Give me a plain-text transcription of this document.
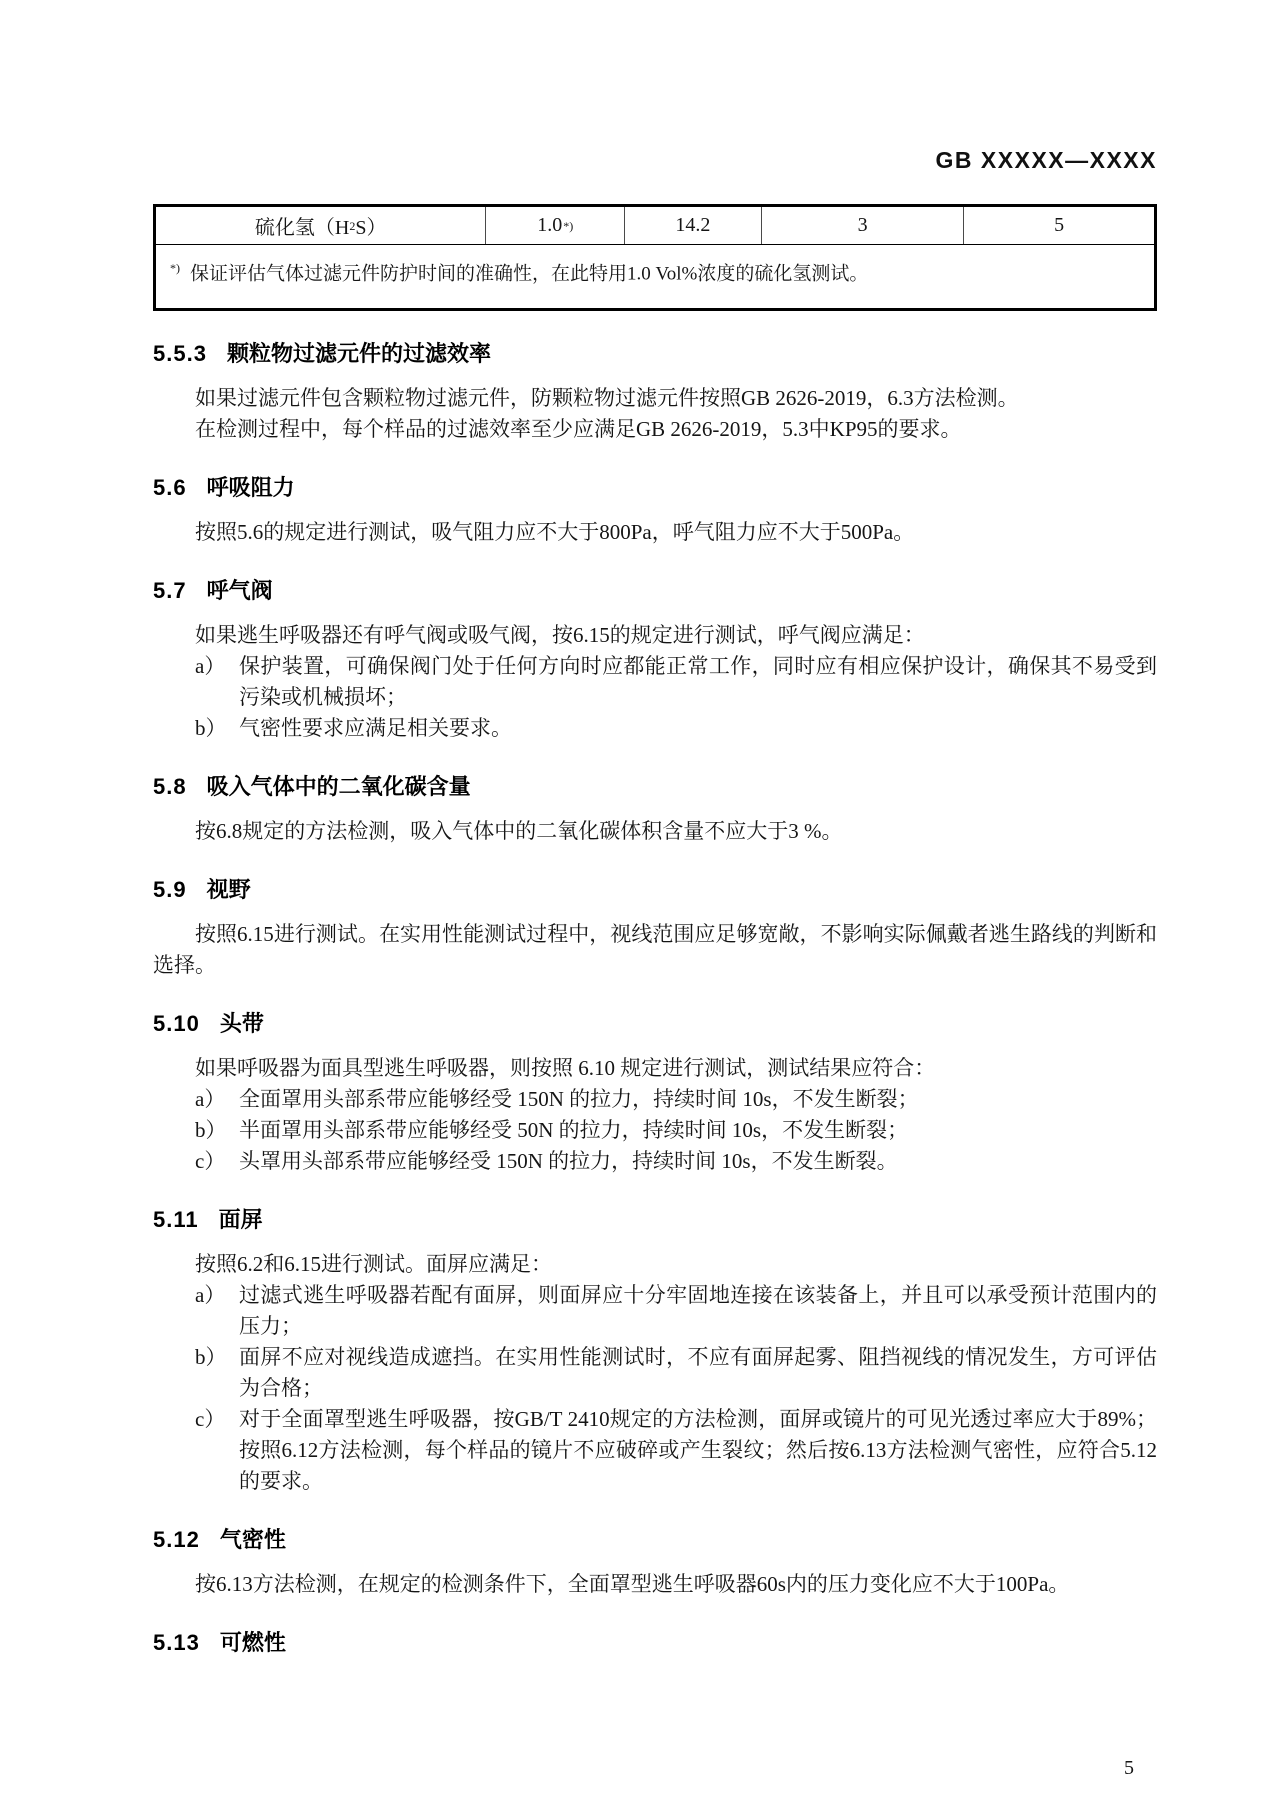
GB XXXXX—XXXX
硫化氢（H 2 S）	1.0 *)	14.2	3	5
*) 保证评估气体过滤元件防护时间的准确性，在此特用1.0 Vol%浓度的硫化氢测试。
5.5.3 颗粒物过滤元件的过滤效率

如果过滤元件包含颗粒物过滤元件，防颗粒物过滤元件按照GB 2626-2019，6.3方法检测。

在检测过程中，每个样品的过滤效率至少应满足GB 2626-2019，5.3中KP95的要求。

5.6 呼吸阻力

按照5.6的规定进行测试，吸气阻力应不大于800Pa，呼气阻力应不大于500Pa。

5.7 呼气阀

如果逃生呼吸器还有呼气阀或吸气阀，按6.15的规定进行测试，呼气阀应满足：

a） 保护装置，可确保阀门处于任何方向时应都能正常工作，同时应有相应保护设计，确保其不易受到污染或机械损坏；
b） 气密性要求应满足相关要求。
5.8 吸入气体中的二氧化碳含量

按6.8规定的方法检测，吸入气体中的二氧化碳体积含量不应大于3 %。

5.9 视野

按照6.15进行测试。在实用性能测试过程中，视线范围应足够宽敞，不影响实际佩戴者逃生路线的判断和选择。

5.10 头带

如果呼吸器为面具型逃生呼吸器，则按照 6.10 规定进行测试，测试结果应符合：

a） 全面罩用头部系带应能够经受 150N 的拉力，持续时间 10s，不发生断裂；
b） 半面罩用头部系带应能够经受 50N 的拉力，持续时间 10s，不发生断裂；
c） 头罩用头部系带应能够经受 150N 的拉力，持续时间 10s，不发生断裂。
5.11 面屏

按照6.2和6.15进行测试。面屏应满足：

a） 过滤式逃生呼吸器若配有面屏，则面屏应十分牢固地连接在该装备上，并且可以承受预计范围内的压力；
b） 面屏不应对视线造成遮挡。在实用性能测试时，不应有面屏起雾、阻挡视线的情况发生，方可评估为合格；
c） 对于全面罩型逃生呼吸器，按GB/T 2410规定的方法检测，面屏或镜片的可见光透过率应大于89%；按照6.12方法检测，每个样品的镜片不应破碎或产生裂纹；然后按6.13方法检测气密性，应符合5.12的要求。
5.12 气密性

按6.13方法检测，在规定的检测条件下，全面罩型逃生呼吸器60s内的压力变化应不大于100Pa。

5.13 可燃性
5
